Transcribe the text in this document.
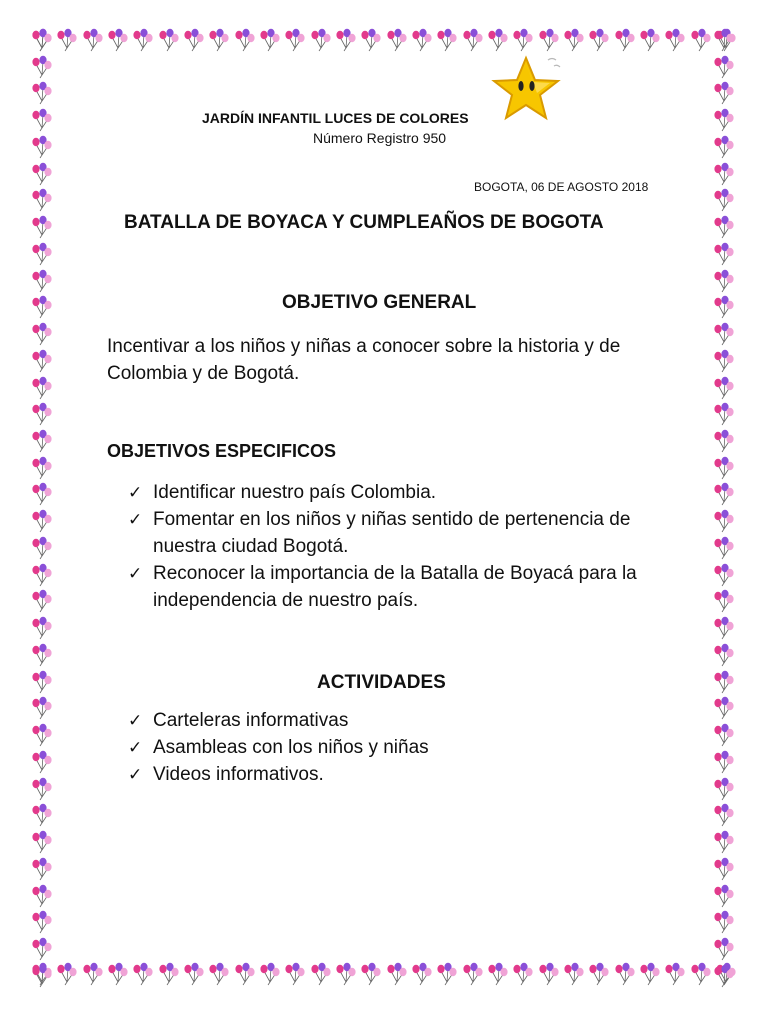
JARDÍN INFANTIL LUCES DE COLORES
Número Registro 950
BOGOTA, 06 DE AGOSTO 2018
BATALLA DE BOYACA Y CUMPLEAÑOS DE BOGOTA
OBJETIVO GENERAL
Incentivar a los niños y niñas a conocer sobre la historia y de Colombia y de Bogotá.
OBJETIVOS ESPECIFICOS
✓ Identificar nuestro país Colombia.
✓ Fomentar en los niños y niñas sentido de pertenencia de nuestra ciudad Bogotá.
✓ Reconocer la importancia de la Batalla de Boyacá para la independencia de nuestro país.
ACTIVIDADES
✓ Carteleras informativas
✓ Asambleas con los niños y niñas
✓ Videos informativos.
